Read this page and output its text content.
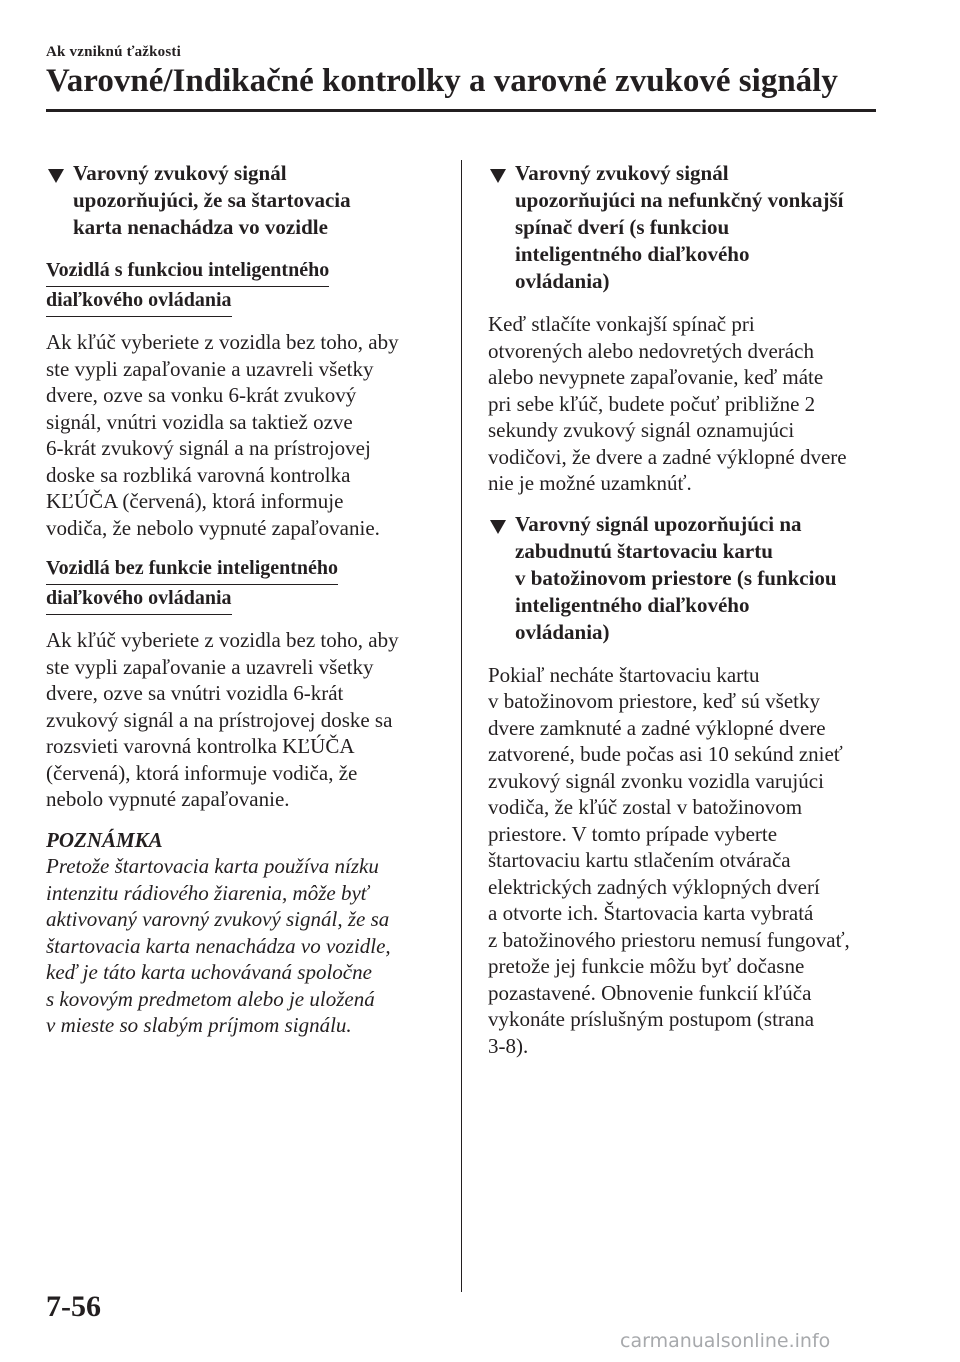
Ak vzniknú ťažkosti
Varovné/Indikačné kontrolky a varovné zvukové signály
Varovný zvukový signál
upozorňujúci, že sa štartovacia
karta nenachádza vo vozidle
Vozidlá s funkciou inteligentného
diaľkového ovládania
Ak kľúč vyberiete z vozidla bez toho, aby
ste vypli zapaľovanie a uzavreli všetky
dvere, ozve sa vonku 6-krát zvukový
signál, vnútri vozidla sa taktiež ozve
6-krát zvukový signál a na prístrojovej
doske sa rozbliká varovná kontrolka
KĽÚČA (červená), ktorá informuje
vodiča, že nebolo vypnuté zapaľovanie.
Vozidlá bez funkcie inteligentného
diaľkového ovládania
Ak kľúč vyberiete z vozidla bez toho, aby
ste vypli zapaľovanie a uzavreli všetky
dvere, ozve sa vnútri vozidla 6-krát
zvukový signál a na prístrojovej doske sa
rozsvieti varovná kontrolka KĽÚČA
(červená), ktorá informuje vodiča, že
nebolo vypnuté zapaľovanie.

POZNÁMKA

Pretože štartovacia karta používa nízku
intenzitu rádiového žiarenia, môže byť
aktivovaný varovný zvukový signál, že sa
štartovacia karta nenachádza vo vozidle,
keď je táto karta uchovávaná spoločne
s kovovým predmetom alebo je uložená
v mieste so slabým príjmom signálu.
Varovný zvukový signál
upozorňujúci na nefunkčný vonkajší
spínač dverí (s funkciou
inteligentného diaľkového
ovládania)
Keď stlačíte vonkajší spínač pri
otvorených alebo nedovretých dverách
alebo nevypnete zapaľovanie, keď máte
pri sebe kľúč, budete počuť približne 2
sekundy zvukový signál oznamujúci
vodičovi, že dvere a zadné výklopné dvere
nie je možné uzamknúť.
Varovný signál upozorňujúci na
zabudnutú štartovaciu kartu
v batožinovom priestore (s funkciou
inteligentného diaľkového
ovládania)
Pokiaľ necháte štartovaciu kartu
v batožinovom priestore, keď sú všetky
dvere zamknuté a zadné výklopné dvere
zatvorené, bude počas asi 10 sekúnd znieť
zvukový signál zvonku vozidla varujúci
vodiča, že kľúč zostal v batožinovom
priestore. V tomto prípade vyberte
štartovaciu kartu stlačením otvárača
elektrických zadných výklopných dverí
a otvorte ich. Štartovacia karta vybratá
z batožinového priestoru nemusí fungovať,
pretože jej funkcie môžu byť dočasne
pozastavené. Obnovenie funkcií kľúča
vykonáte príslušným postupom (strana
3-8).
7-56
carmanualsonline.info
